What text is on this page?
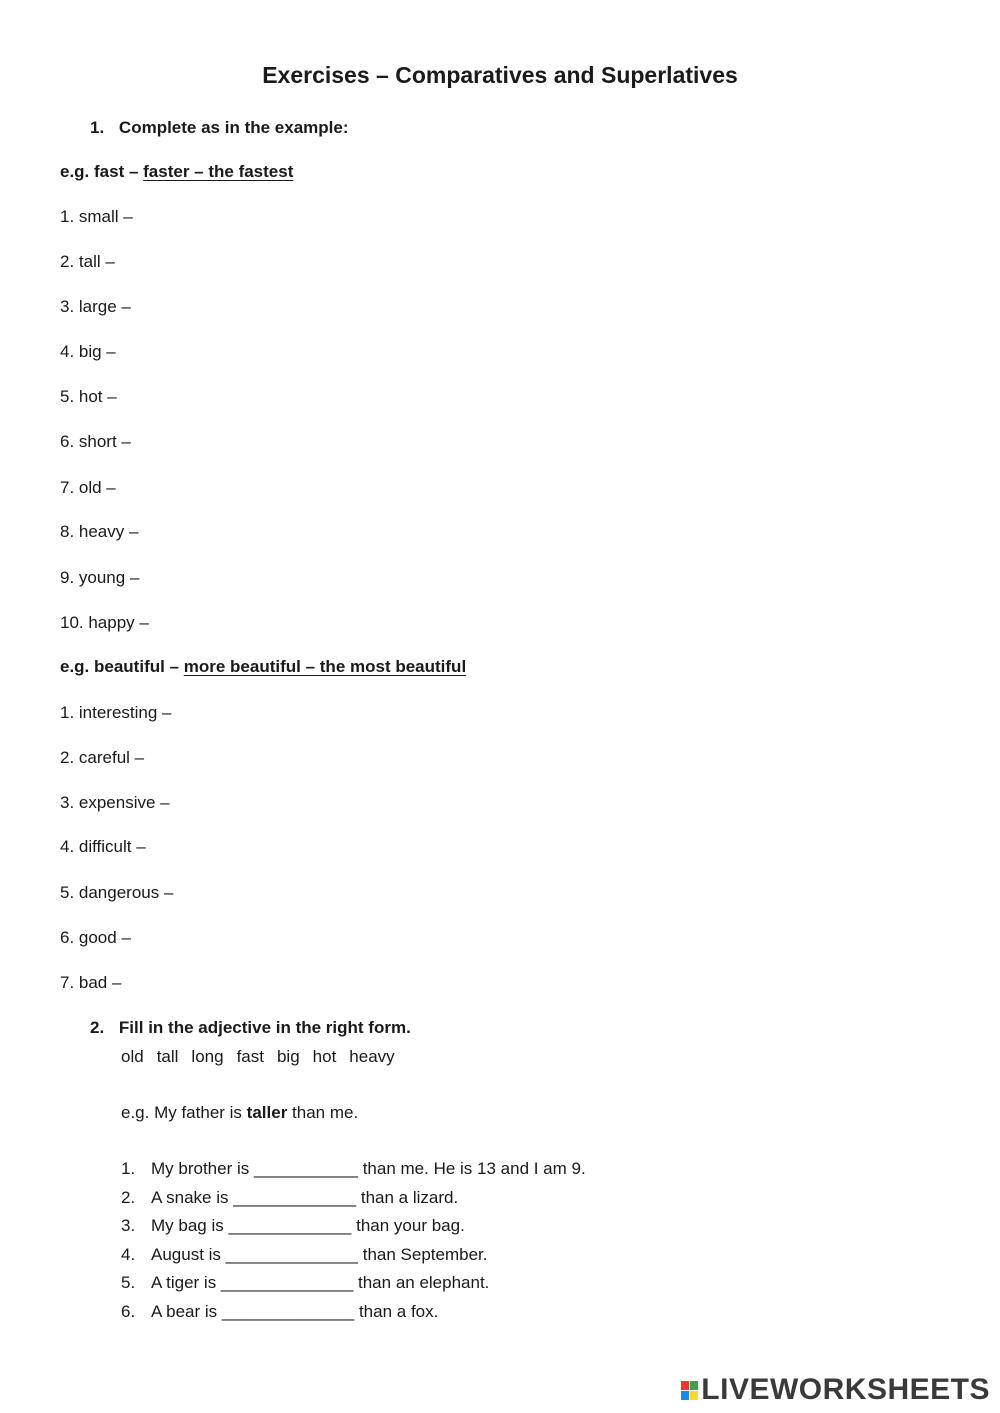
Exercises – Comparatives and Superlatives
1. Complete as in the example:
e.g. fast – faster – the fastest
1. small –
2. tall –
3. large –
4. big –
5. hot –
6. short –
7. old –
8. heavy –
9. young –
10. happy –
e.g. beautiful – more beautiful – the most beautiful
1. interesting –
2. careful –
3. expensive –
4. difficult –
5. dangerous –
6. good –
7. bad –
2. Fill in the adjective in the right form.
old tall long fast big hot heavy
e.g. My father is taller than me.
1. My brother is ___________ than me. He is 13 and I am 9.
2. A snake is _____________ than a lizard.
3. My bag is _____________ than your bag.
4. August is ______________ than September.
5. A tiger is ______________ than an elephant.
6. A bear is ______________ than a fox.
LIVEWORKSHEETS
